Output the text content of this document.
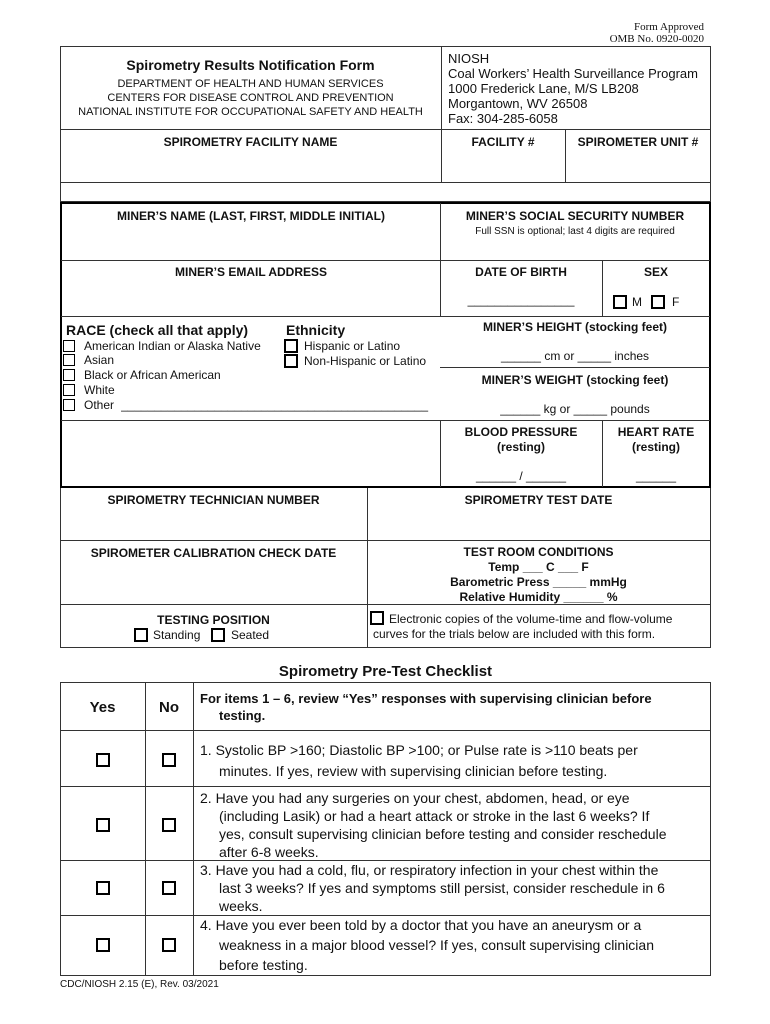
Form Approved
OMB No. 0920-0020
Spirometry Results Notification Form
DEPARTMENT OF HEALTH AND HUMAN SERVICES
CENTERS FOR DISEASE CONTROL AND PREVENTION
NATIONAL INSTITUTE FOR OCCUPATIONAL SAFETY AND HEALTH
NIOSH
Coal Workers’ Health Surveillance Program
1000 Frederick Lane, M/S LB208
Morgantown, WV 26508
Fax: 304-285-6058
SPIROMETRY FACILITY NAME	FACILITY #	SPIROMETER UNIT #
MINER’S NAME (LAST, FIRST, MIDDLE INITIAL)	MINER’S SOCIAL SECURITY NUMBER
Full SSN is optional; last 4 digits are required
MINER’S EMAIL ADDRESS	DATE OF BIRTH
________________
SEX
M	F
RACE (check all that apply)
American Indian or Alaska Native
Asian
Black or African American
White
Other ______________________________________________
Ethnicity
Hispanic or Latino
Non-Hispanic or Latino
MINER’S HEIGHT (stocking feet)
______ cm or _____ inches
MINER’S WEIGHT (stocking feet)
______ kg or _____ pounds
BLOOD PRESSURE
(resting)
______ / ______
HEART RATE
(resting)
______
SPIROMETRY TECHNICIAN NUMBER	SPIROMETRY TEST DATE
SPIROMETER CALIBRATION CHECK DATE	TEST ROOM CONDITIONS
Temp ___ C ___ F
Barometric Press _____ mmHg
Relative Humidity ______ %
TESTING POSITION
Standing	Seated
Electronic copies of the volume-time and flow-volume
curves for the trials below are included with this form.
Spirometry Pre-Test Checklist
Yes	No
For items 1 – 6, review “Yes” responses with supervising clinician before
testing.
1. Systolic BP >160; Diastolic BP >100; or Pulse rate is >110 beats per
minutes. If yes, review with supervising clinician before testing.
2. Have you had any surgeries on your chest, abdomen, head, or eye
(including Lasik) or had a heart attack or stroke in the last 6 weeks? If
yes, consult supervising clinician before testing and consider reschedule
after 6-8 weeks.
3. Have you had a cold, flu, or respiratory infection in your chest within the
last 3 weeks? If yes and symptoms still persist, consider reschedule in 6
weeks.
4. Have you ever been told by a doctor that you have an aneurysm or a
weakness in a major blood vessel? If yes, consult supervising clinician
before testing.
CDC/NIOSH 2.15 (E), Rev. 03/2021
